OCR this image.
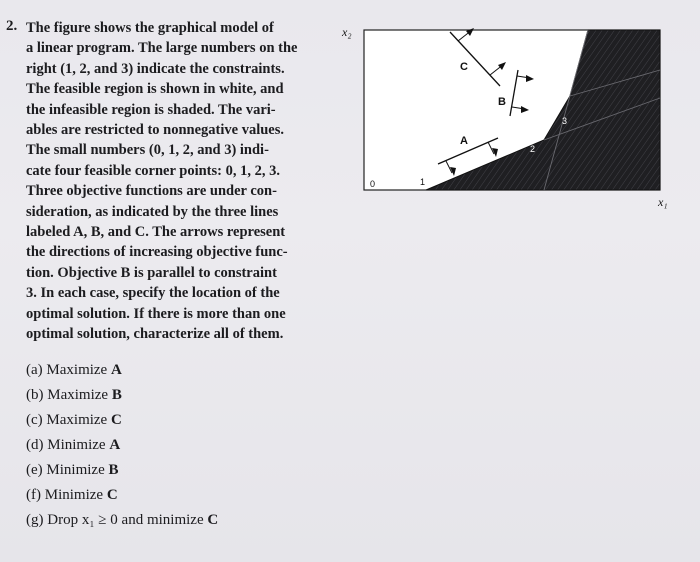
2. The figure shows the graphical model of
a linear program. The large numbers on the
right (1, 2, and 3) indicate the constraints.
The feasible region is shown in white, and
the infeasible region is shaded. The vari-
ables are restricted to nonnegative values.
The small numbers (0, 1, 2, and 3) indi-
cate four feasible corner points: 0, 1, 2, 3.
Three objective functions are under con-
sideration, as indicated by the three lines
labeled A, B, and C. The arrows represent
the directions of increasing objective func-
tion. Objective B is parallel to constraint
3. In each case, specify the location of the
optimal solution. If there is more than one
optimal solution, characterize all of them.
(a) Maximize A
(b) Maximize B
(c) Maximize C
(d) Minimize A
(e) Minimize B
(f) Minimize C
(g) Drop x₁ ≥ 0 and minimize C
C
B
A
0	1
2
3
x₂
x₁
